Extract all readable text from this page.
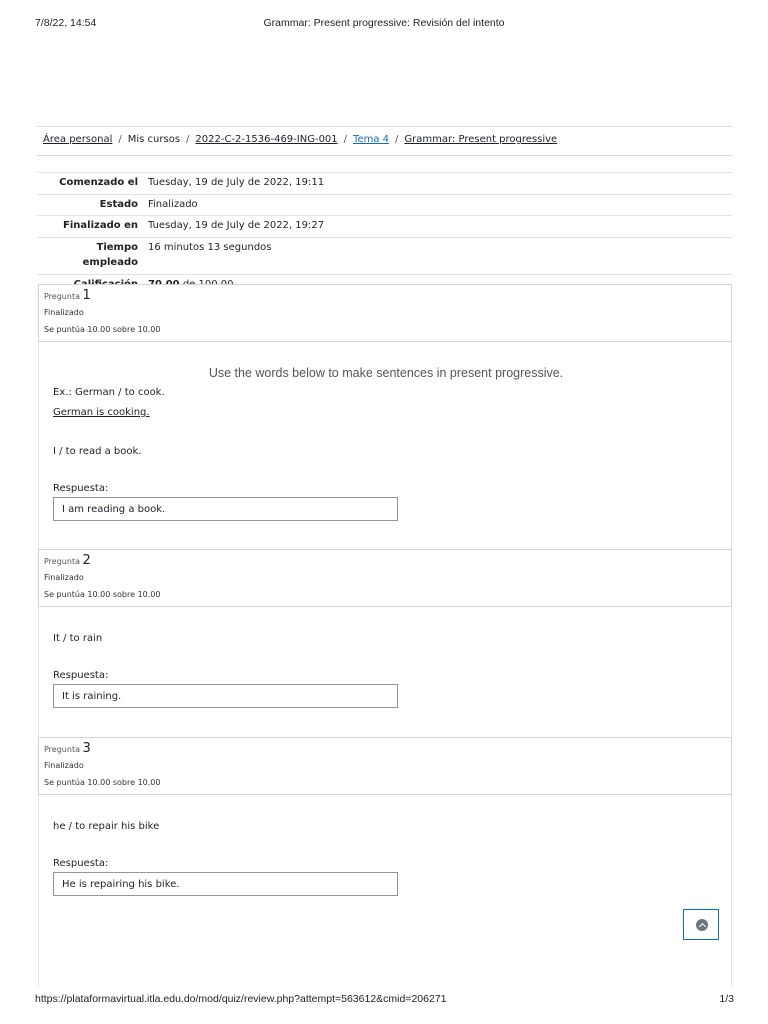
7/8/22, 14:54	Grammar: Present progressive: Revisión del intento
Área personal / Mis cursos / 2022-C-2-1536-469-ING-001 / Tema 4 / Grammar: Present progressive
Comenzado el	Tuesday, 19 de July de 2022, 19:11
Estado	Finalizado
Finalizado en	Tuesday, 19 de July de 2022, 19:27
Tiempo
empleado	16 minutos 13 segundos

Pregunta 1
Finalizado
Se puntúa 10.00 sobre 10.00
Use the words below to make sentences in present progressive.
Ex.: German / to cook.
German is cooking.
I / to read a book.
Respuesta:
I am reading a book.
Pregunta 2
Finalizado
Se puntúa 10.00 sobre 10.00
It / to rain
Respuesta:
It is raining.
Pregunta 3
Finalizado
Se puntúa 10.00 sobre 10.00
he / to repair his bike
Respuesta:
He is repairing his bike.
https://plataformavirtual.itla.edu.do/mod/quiz/review.php?attempt=563612&cmid=206271	1/3
